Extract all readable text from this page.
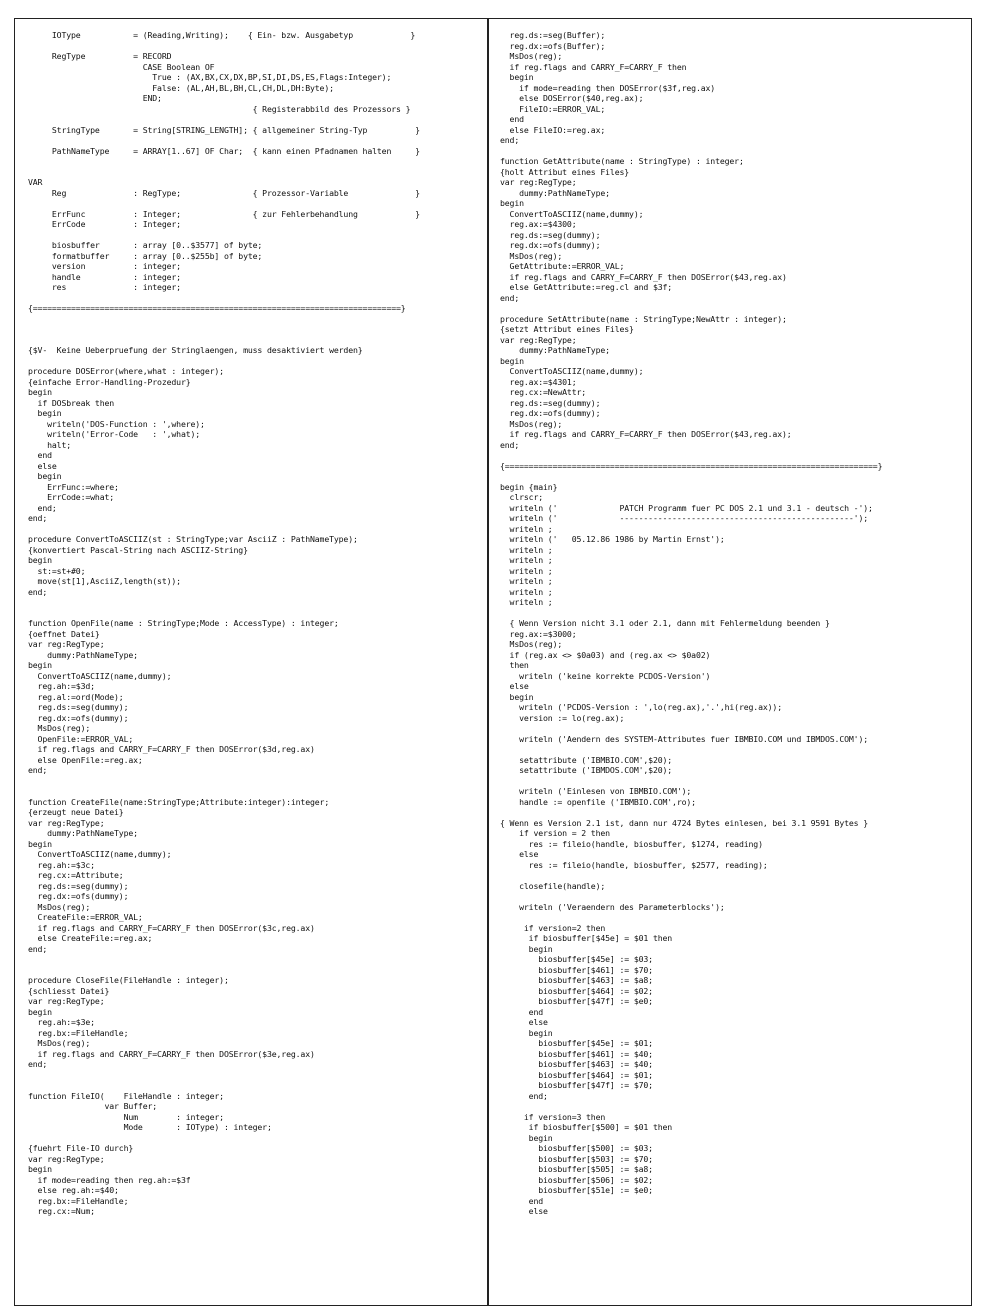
IOType           = (Reading,Writing);    { Ein- bzw. Ausgabetyp            }
RegType          = RECORD
CASE Boolean OF
True : (AX,BX,CX,DX,BP,SI,DI,DS,ES,Flags:Integer);
False: (AL,AH,BL,BH,CL,CH,DL,DH:Byte);
END;
{ Registerabbild des Prozessors }
StringType       = String[STRING_LENGTH]; { allgemeiner String-Typ          }
PathNameType     = ARRAY[1..67] OF Char;  { kann einen Pfadnamen halten     }
VAR
Reg              : RegType;               { Prozessor-Variable              }
ErrFunc          : Integer;               { zur Fehlerbehandlung            }
ErrCode          : Integer;
biosbuffer       : array [0..$3577] of byte;
formatbuffer     : array [0..$255b] of byte;
version          : integer;
handle           : integer;
res              : integer;
{=============================================================================}
{$V-  Keine Ueberpruefung der Stringlaengen, muss desaktiviert werden}
procedure DOSError(where,what : integer);
{einfache Error-Handling-Prozedur}
begin
if DOSbreak then
begin
writeln('DOS-Function : ',where);
writeln('Error-Code   : ',what);
halt;
end
else
begin
ErrFunc:=where;
ErrCode:=what;
end;
end;
procedure ConvertToASCIIZ(st : StringType;var AsciiZ : PathNameType);
{konvertiert Pascal-String nach ASCIIZ-String}
begin
st:=st+#0;
move(st[1],AsciiZ,length(st));
end;
function OpenFile(name : StringType;Mode : AccessType) : integer;
{oeffnet Datei}
var reg:RegType;
dummy:PathNameType;
begin
ConvertToASCIIZ(name,dummy);
reg.ah:=$3d;
reg.al:=ord(Mode);
reg.ds:=seg(dummy);
reg.dx:=ofs(dummy);
MsDos(reg);
OpenFile:=ERROR_VAL;
if reg.flags and CARRY_F=CARRY_F then DOSError($3d,reg.ax)
else OpenFile:=reg.ax;
end;
function CreateFile(name:StringType;Attribute:integer):integer;
{erzeugt neue Datei}
var reg:RegType;
dummy:PathNameType;
begin
ConvertToASCIIZ(name,dummy);
reg.ah:=$3c;
reg.cx:=Attribute;
reg.ds:=seg(dummy);
reg.dx:=ofs(dummy);
MsDos(reg);
CreateFile:=ERROR_VAL;
if reg.flags and CARRY_F=CARRY_F then DOSError($3c,reg.ax)
else CreateFile:=reg.ax;
end;
procedure CloseFile(FileHandle : integer);
{schliesst Datei}
var reg:RegType;
begin
reg.ah:=$3e;
reg.bx:=FileHandle;
MsDos(reg);
if reg.flags and CARRY_F=CARRY_F then DOSError($3e,reg.ax)
end;
function FileIO(    FileHandle : integer;
var Buffer;
Num        : integer;
Mode       : IOType) : integer;
{fuehrt File-IO durch}
var reg:RegType;
begin
if mode=reading then reg.ah:=$3f
else reg.ah:=$40;
reg.bx:=FileHandle;
reg.cx:=Num;
reg.ds:=seg(Buffer);
reg.dx:=ofs(Buffer);
MsDos(reg);
if reg.flags and CARRY_F=CARRY_F then
begin
if mode=reading then DOSError($3f,reg.ax)
else DOSError($40,reg.ax);
FileIO:=ERROR_VAL;
end
else FileIO:=reg.ax;
end;
function GetAttribute(name : StringType) : integer;
{holt Attribut eines Files}
var reg:RegType;
dummy:PathNameType;
begin
ConvertToASCIIZ(name,dummy);
reg.ax:=$4300;
reg.ds:=seg(dummy);
reg.dx:=ofs(dummy);
MsDos(reg);
GetAttribute:=ERROR_VAL;
if reg.flags and CARRY_F=CARRY_F then DOSError($43,reg.ax)
else GetAttribute:=reg.cl and $3f;
end;
procedure SetAttribute(name : StringType;NewAttr : integer);
{setzt Attribut eines Files}
var reg:RegType;
dummy:PathNameType;
begin
ConvertToASCIIZ(name,dummy);
reg.ax:=$4301;
reg.cx:=NewAttr;
reg.ds:=seg(dummy);
reg.dx:=ofs(dummy);
MsDos(reg);
if reg.flags and CARRY_F=CARRY_F then DOSError($43,reg.ax);
end;
{==============================================================================}
begin {main}
clrscr;
writeln ('             PATCH Programm fuer PC DOS 2.1 und 3.1 - deutsch -');
writeln ('             -------------------------------------------------');
writeln ;
writeln ('   05.12.86 1986 by Martin Ernst');
writeln ;
writeln ;
writeln ;
writeln ;
writeln ;
writeln ;
{ Wenn Version nicht 3.1 oder 2.1, dann mit Fehlermeldung beenden }
reg.ax:=$3000;
MsDos(reg);
if (reg.ax <> $0a03) and (reg.ax <> $0a02)
then
writeln ('keine korrekte PCDOS-Version')
else
begin
writeln ('PCDOS-Version : ',lo(reg.ax),'.',hi(reg.ax));
version := lo(reg.ax);
writeln ('Aendern des SYSTEM-Attributes fuer IBMBIO.COM und IBMDOS.COM');
setattribute ('IBMBIO.COM',$20);
setattribute ('IBMDOS.COM',$20);
writeln ('Einlesen von IBMBIO.COM');
handle := openfile ('IBMBIO.COM',ro);
{ Wenn es Version 2.1 ist, dann nur 4724 Bytes einlesen, bei 3.1 9591 Bytes }
if version = 2 then
res := fileio(handle, biosbuffer, $1274, reading)
else
res := fileio(handle, biosbuffer, $2577, reading);
closefile(handle);
writeln ('Veraendern des Parameterblocks');
if version=2 then
if biosbuffer[$45e] = $01 then
begin
biosbuffer[$45e] := $03;
biosbuffer[$461] := $70;
biosbuffer[$463] := $a8;
biosbuffer[$464] := $02;
biosbuffer[$47f] := $e0;
end
else
begin
biosbuffer[$45e] := $01;
biosbuffer[$461] := $40;
biosbuffer[$463] := $40;
biosbuffer[$464] := $01;
biosbuffer[$47f] := $70;
end;
if version=3 then
if biosbuffer[$500] = $01 then
begin
biosbuffer[$500] := $03;
biosbuffer[$503] := $70;
biosbuffer[$505] := $a8;
biosbuffer[$506] := $02;
biosbuffer[$51e] := $e0;
end
else
